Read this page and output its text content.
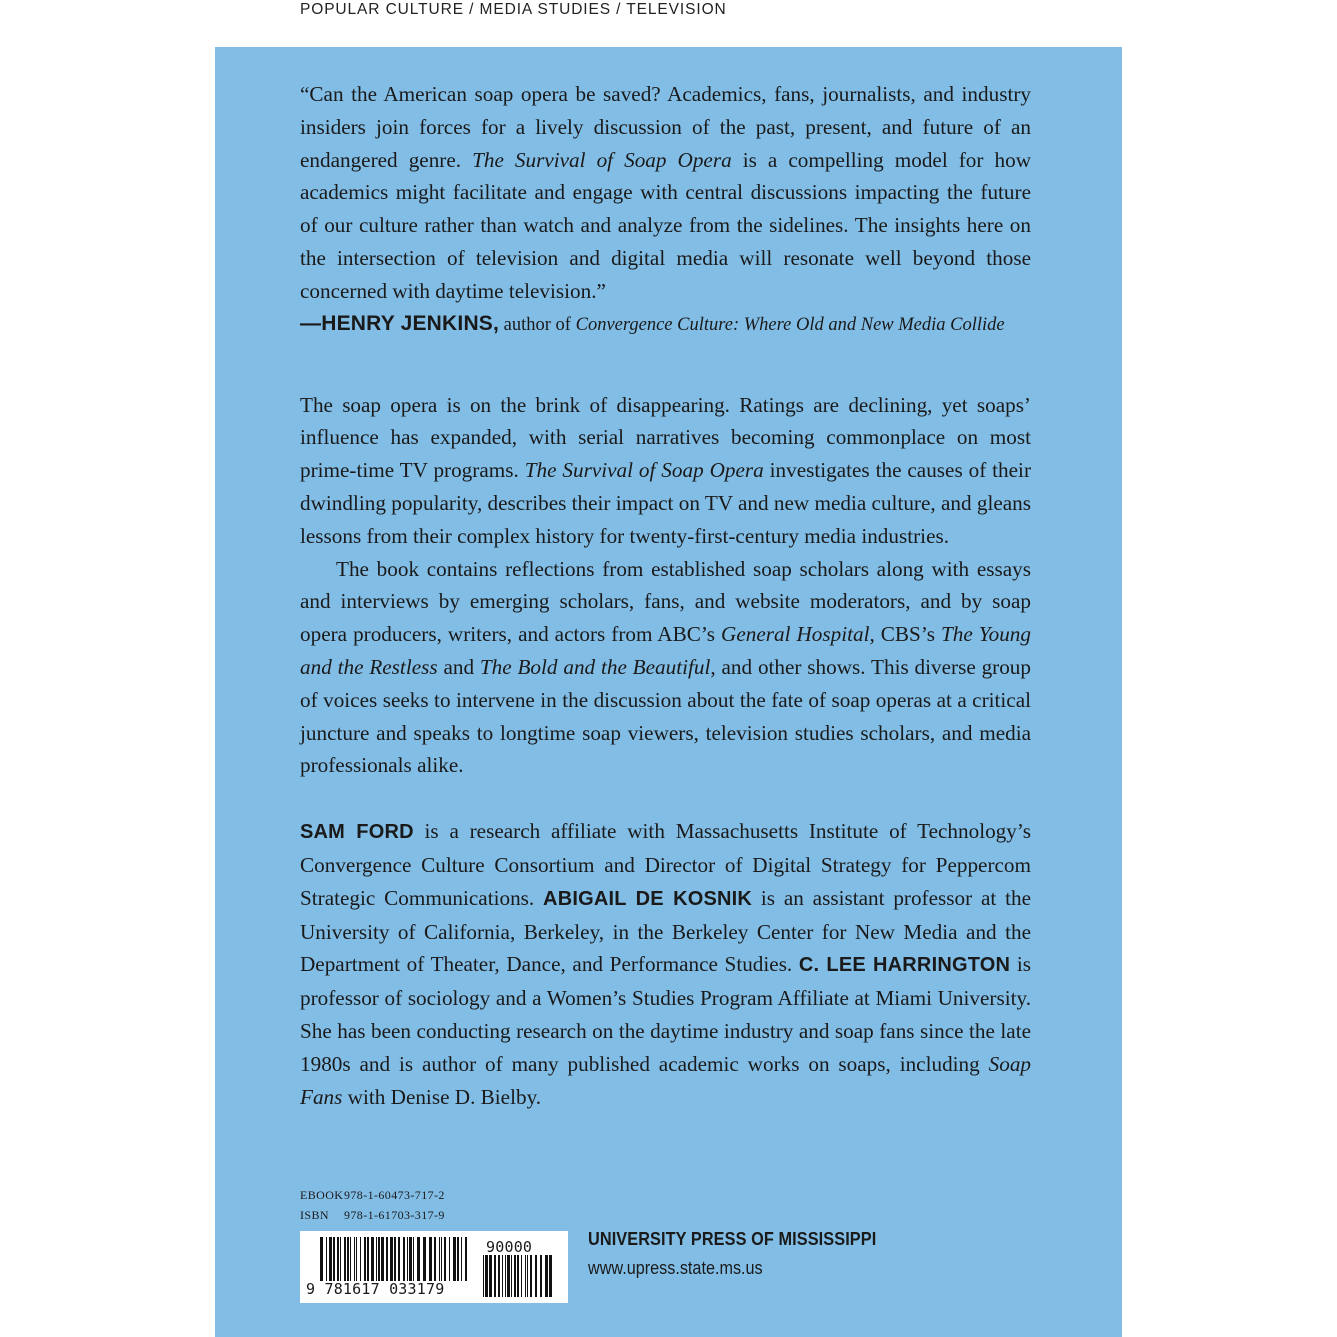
POPULAR CULTURE / MEDIA STUDIES / TELEVISION

“Can the American soap opera be saved? Academics, fans, journalists, and industry insiders join forces for a lively discussion of the past, present, and future of an endangered genre. The Survival of Soap Opera is a compelling model for how academics might facilitate and engage with central discussions impacting the future of our culture rather than watch and analyze from the sidelines. The insights here on the intersection of television and digital media will resonate well beyond those concerned with daytime television.”

—HENRY JENKINS, author of Convergence Culture: Where Old and New Media Collide

The soap opera is on the brink of disappearing. Ratings are declining, yet soaps’ influence has expanded, with serial narratives becoming commonplace on most prime-time TV programs. The Survival of Soap Opera investigates the causes of their dwindling popularity, describes their impact on TV and new media culture, and gleans lessons from their complex history for twenty-first-century media industries.

The book contains reflections from established soap scholars along with essays and interviews by emerging scholars, fans, and website moderators, and by soap opera producers, writers, and actors from ABC’s General Hospital, CBS’s The Young and the Restless and The Bold and the Beautiful, and other shows. This diverse group of voices seeks to intervene in the discussion about the fate of soap operas at a critical juncture and speaks to longtime soap viewers, television studies scholars, and media professionals alike.

SAM FORD is a research affiliate with Massachusetts Institute of Technology’s Convergence Culture Consortium and Director of Digital Strategy for Peppercom Strategic Communications. ABIGAIL DE KOSNIK is an assistant professor at the University of California, Berkeley, in the Berkeley Center for New Media and the Department of Theater, Dance, and Performance Studies. C. LEE HARRINGTON is professor of sociology and a Women’s Studies Program Affiliate at Miami University. She has been conducting research on the daytime industry and soap fans since the late 1980s and is author of many published academic works on soaps, including Soap Fans with Denise D. Bielby.

EBOOK978-1-60473-717-2
ISBN 978-1-61703-317-9
9 781617 033179
90000	UNIVERSITY PRESS OF MISSISSIPPI
www.upress.state.ms.us
